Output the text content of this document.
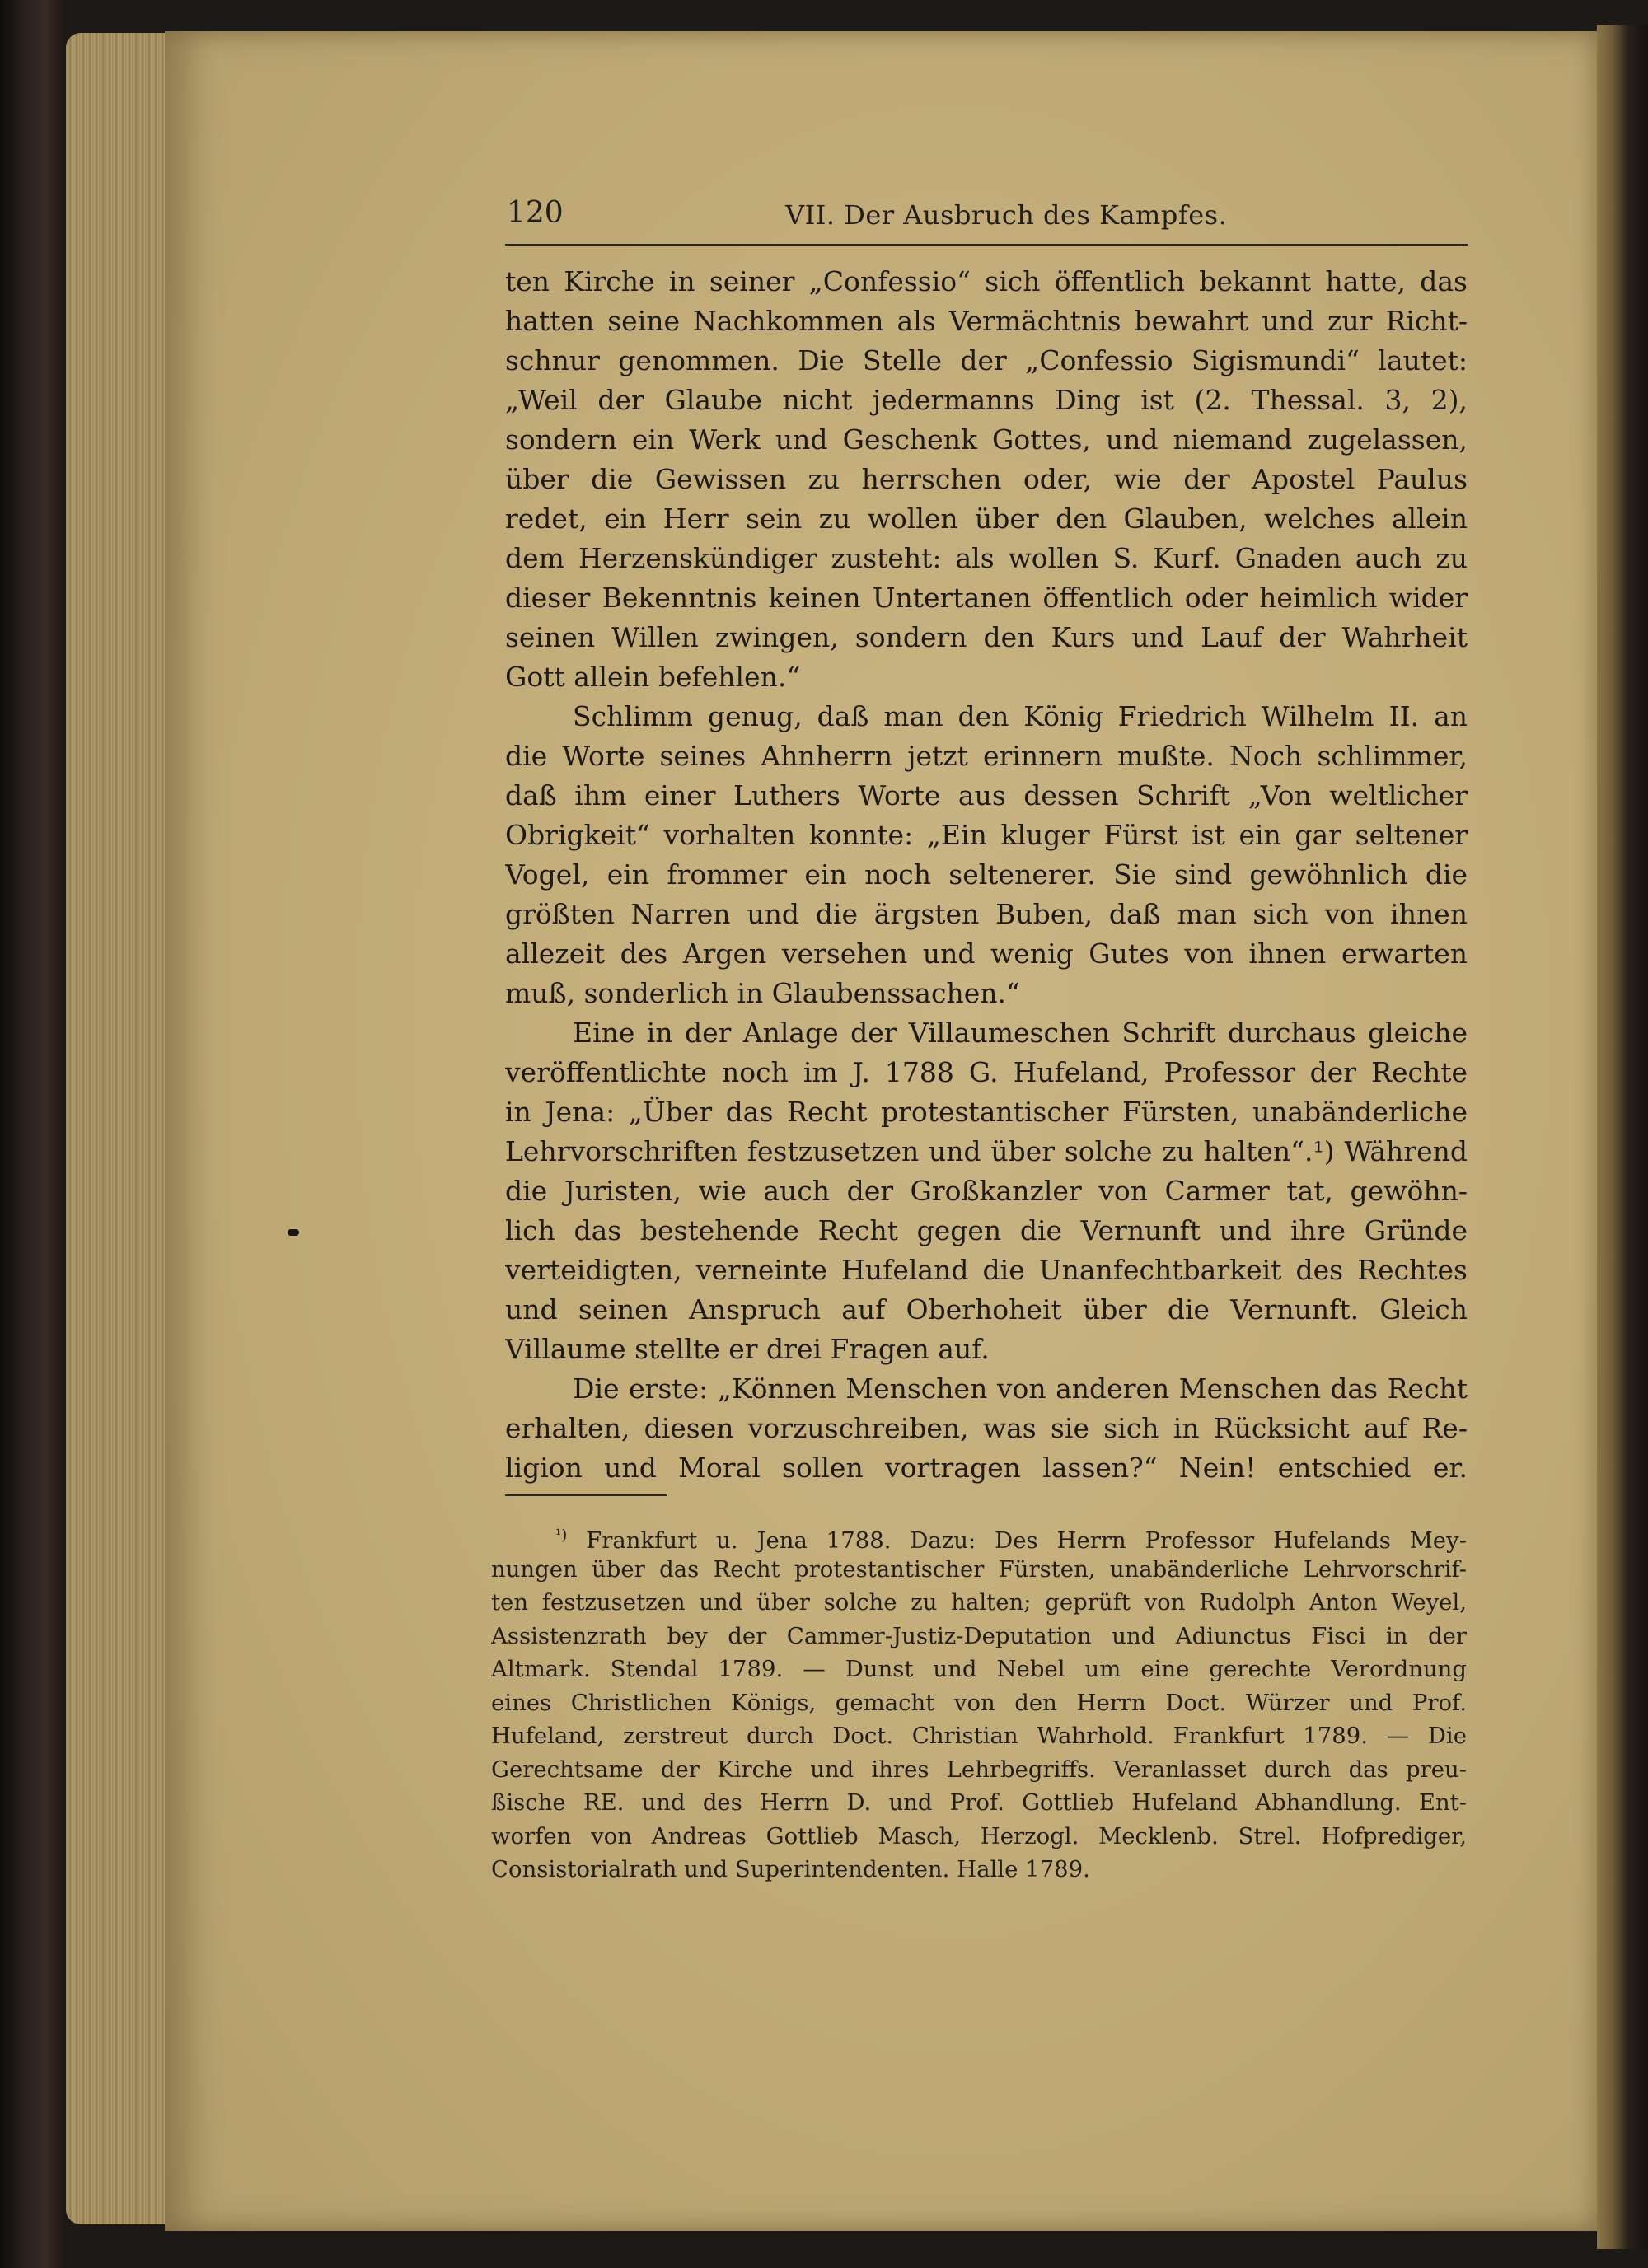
120	VII. Der Ausbruch des Kampfes.
ten Kirche in seiner „Confessio“ sich öffentlich bekannt hatte, das
hatten seine Nachkommen als Vermächtnis bewahrt und zur Richt-
schnur genommen. Die Stelle der „Confessio Sigismundi“ lautet:
„Weil der Glaube nicht jedermanns Ding ist (2. Thessal. 3, 2),
sondern ein Werk und Geschenk Gottes, und niemand zugelassen,
über die Gewissen zu herrschen oder, wie der Apostel Paulus
redet, ein Herr sein zu wollen über den Glauben, welches allein
dem Herzenskündiger zusteht: als wollen S. Kurf. Gnaden auch zu
dieser Bekenntnis keinen Untertanen öffentlich oder heimlich wider
seinen Willen zwingen, sondern den Kurs und Lauf der Wahrheit
Gott allein befehlen.“
Schlimm genug, daß man den König Friedrich Wilhelm II. an
die Worte seines Ahnherrn jetzt erinnern mußte. Noch schlimmer,
daß ihm einer Luthers Worte aus dessen Schrift „Von weltlicher
Obrigkeit“ vorhalten konnte: „Ein kluger Fürst ist ein gar seltener
Vogel, ein frommer ein noch seltenerer. Sie sind gewöhnlich die
größten Narren und die ärgsten Buben, daß man sich von ihnen
allezeit des Argen versehen und wenig Gutes von ihnen erwarten
muß, sonderlich in Glaubenssachen.“
Eine in der Anlage der Villaumeschen Schrift durchaus gleiche
veröffentlichte noch im J. 1788 G. Hufeland, Professor der Rechte
in Jena: „Über das Recht protestantischer Fürsten, unabänderliche
Lehrvorschriften festzusetzen und über solche zu halten“.¹) Während
die Juristen, wie auch der Großkanzler von Carmer tat, gewöhn-
lich das bestehende Recht gegen die Vernunft und ihre Gründe
verteidigten, verneinte Hufeland die Unanfechtbarkeit des Rechtes
und seinen Anspruch auf Oberhoheit über die Vernunft. Gleich
Villaume stellte er drei Fragen auf.
Die erste: „Können Menschen von anderen Menschen das Recht
erhalten, diesen vorzuschreiben, was sie sich in Rücksicht auf Re-
ligion und Moral sollen vortragen lassen?“ Nein! entschied er.
$^{^1)}$ Frankfurt u. Jena 1788. Dazu: Des Herrn Professor Hufelands Mey-
nungen über das Recht protestantischer Fürsten, unabänderliche Lehrvorschrif-
ten festzusetzen und über solche zu halten; geprüft von Rudolph Anton Weyel,
Assistenzrath bey der Cammer-Justiz-Deputation und Adiunctus Fisci in der
Altmark. Stendal 1789. — Dunst und Nebel um eine gerechte Verordnung
eines Christlichen Königs, gemacht von den Herrn Doct. Würzer und Prof.
Hufeland, zerstreut durch Doct. Christian Wahrhold. Frankfurt 1789. — Die
Gerechtsame der Kirche und ihres Lehrbegriffs. Veranlasset durch das preu-
ßische RE. und des Herrn D. und Prof. Gottlieb Hufeland Abhandlung. Ent-
worfen von Andreas Gottlieb Masch, Herzogl. Mecklenb. Strel. Hofprediger,
Consistorialrath und Superintendenten. Halle 1789.
